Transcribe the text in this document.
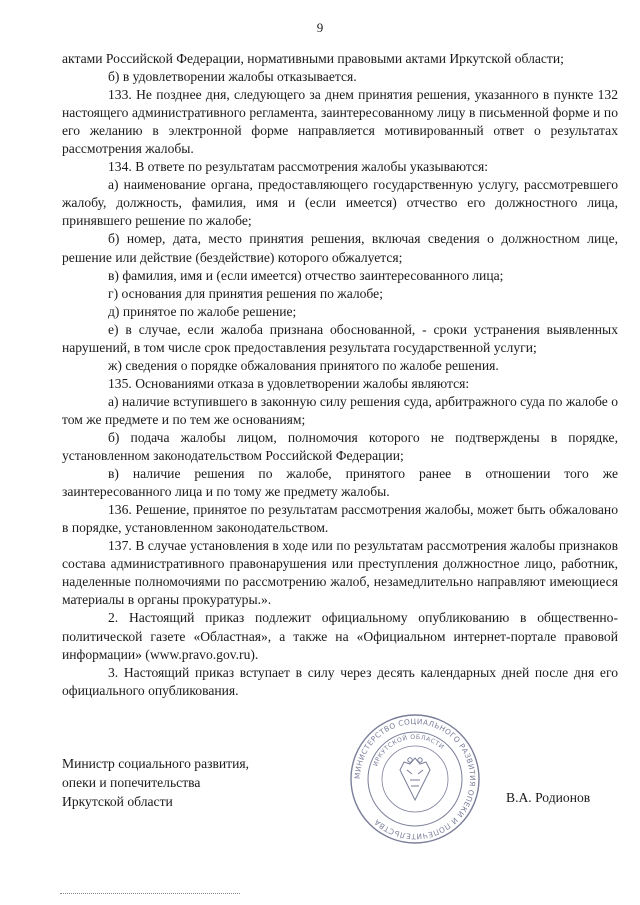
9

актами Российской Федерации, нормативными правовыми актами Иркутской области;

б) в удовлетворении жалобы отказывается.

133. Не позднее дня, следующего за днем принятия решения, указанного в пункте 132 настоящего административного регламента, заинтересованному лицу в письменной форме и по его желанию в электронной форме направляется мотивированный ответ о результатах рассмотрения жалобы.

134. В ответе по результатам рассмотрения жалобы указываются:

а) наименование органа, предоставляющего государственную услугу, рассмотревшего жалобу, должность, фамилия, имя и (если имеется) отчество его должностного лица, принявшего решение по жалобе;

б) номер, дата, место принятия решения, включая сведения о должностном лице, решение или действие (бездействие) которого обжалуется;

в) фамилия, имя и (если имеется) отчество заинтересованного лица;

г) основания для принятия решения по жалобе;

д) принятое по жалобе решение;

е) в случае, если жалоба признана обоснованной, - сроки устранения выявленных нарушений, в том числе срок предоставления результата государственной услуги;

ж) сведения о порядке обжалования принятого по жалобе решения.

135. Основаниями отказа в удовлетворении жалобы являются:

а) наличие вступившего в законную силу решения суда, арбитражного суда по жалобе о том же предмете и по тем же основаниям;

б) подача жалобы лицом, полномочия которого не подтверждены в порядке, установленном законодательством Российской Федерации;

в) наличие решения по жалобе, принятого ранее в отношении того же заинтересованного лица и по тому же предмету жалобы.

136. Решение, принятое по результатам рассмотрения жалобы, может быть обжаловано в порядке, установленном законодательством.

137. В случае установления в ходе или по результатам рассмотрения жалобы признаков состава административного правонарушения или преступления должностное лицо, работник, наделенные полномочиями по рассмотрению жалоб, незамедлительно направляют имеющиеся материалы в органы прокуратуры.».

2. Настоящий приказ подлежит официальному опубликованию в общественно-политической газете «Областная», а также на «Официальном интернет-портале правовой информации» (www.pravo.gov.ru).

3. Настоящий приказ вступает в силу через десять календарных дней после дня его официального опубликования.

Министр социального развития,
опеки и попечительства
Иркутской области	В.А. Родионов
МИНИСТЕРСТВО СОЦИАЛЬНОГО РАЗВИТИЯ ОПЕКИ И ПОПЕЧИТЕЛЬСТВА
ИРКУТСКОЙ ОБЛАСТИ
